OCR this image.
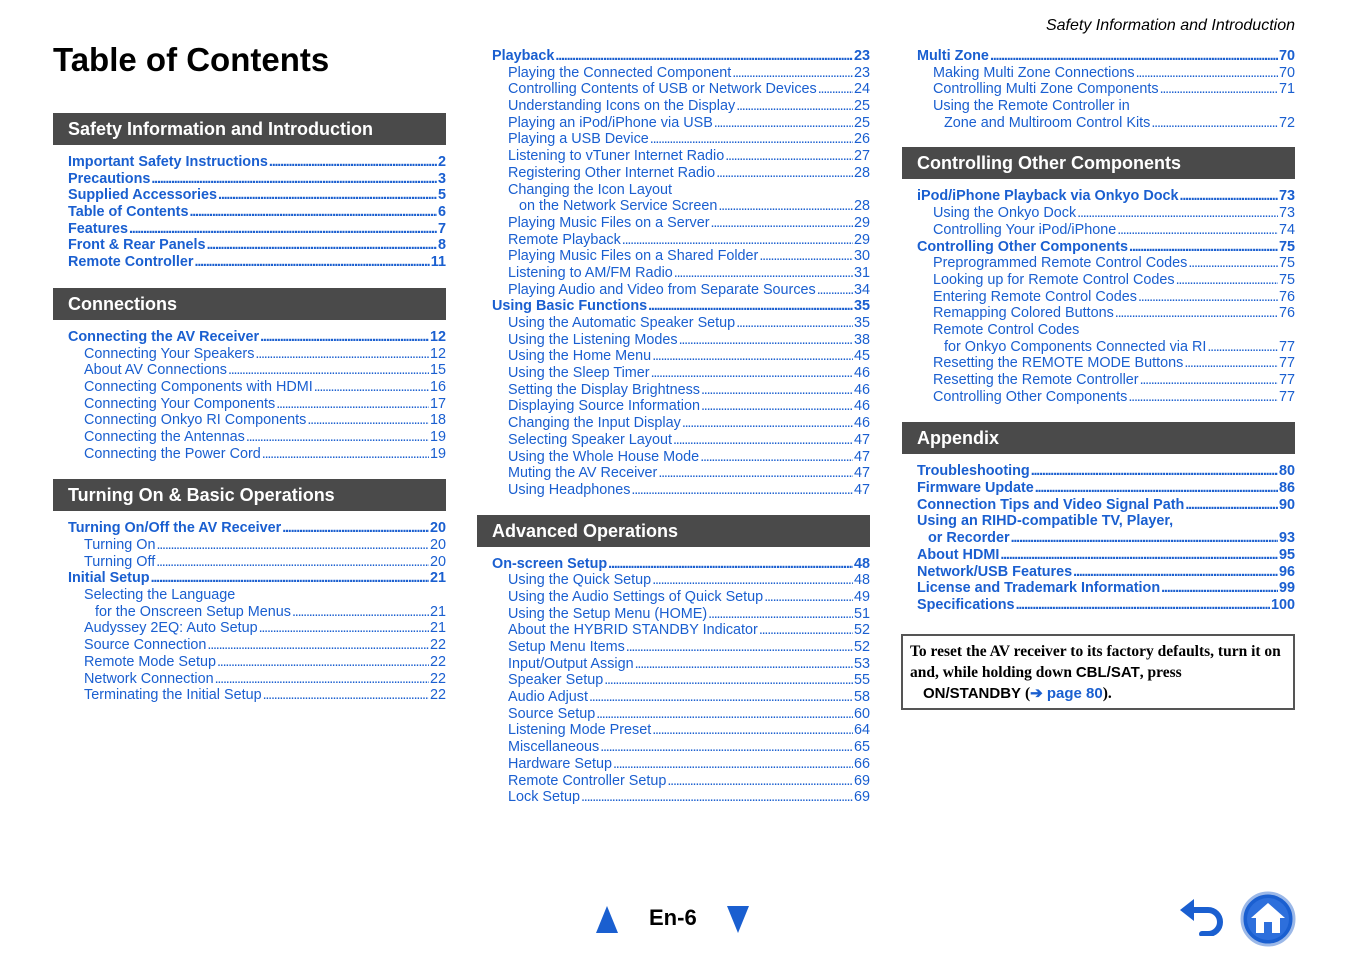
Safety Information and Introduction
Table of Contents
Safety Information and Introduction
Important Safety Instructions . . .	2
Precautions . . .	3
Supplied Accessories . . .	5
Table of Contents . . .	6
Features . . .	7
Front & Rear Panels . . .	8
Remote Controller . . .	11
Connections
Connecting the AV Receiver . . .	12
Connecting Your Speakers . . .	12
About AV Connections . . .	15
Connecting Components with HDMI . . .	16
Connecting Your Components . . .	17
Connecting Onkyo RI Components . . .	18
Connecting the Antennas . . .	19
Connecting the Power Cord . . .	19
Turning On & Basic Operations
Turning On/Off the AV Receiver . . .	20
Turning On . . .	20
Turning Off . . .	20
Initial Setup . . .	21
Selecting the Language
for the Onscreen Setup Menus . . .	21
Audyssey 2EQ: Auto Setup . . .	21
Source Connection . . .	22
Remote Mode Setup . . .	22
Network Connection . . .	22
Terminating the Initial Setup . . .	22
Playback . . .	23
Playing the Connected Component . . .	23
Controlling Contents of USB or Network Devices . . .	24
Understanding Icons on the Display . . .	25
Playing an iPod/iPhone via USB . . .	25
Playing a USB Device . . .	26
Listening to vTuner Internet Radio . . .	27
Registering Other Internet Radio . . .	28
Changing the Icon Layout
on the Network Service Screen . . .	28
Playing Music Files on a Server . . .	29
Remote Playback . . .	29
Playing Music Files on a Shared Folder . . .	30
Listening to AM/FM Radio . . .	31
Playing Audio and Video from Separate Sources . . .	34
Using Basic Functions . . .	35
Using the Automatic Speaker Setup . . .	35
Using the Listening Modes . . .	38
Using the Home Menu . . .	45
Using the Sleep Timer . . .	46
Setting the Display Brightness . . .	46
Displaying Source Information . . .	46
Changing the Input Display . . .	46
Selecting Speaker Layout . . .	47
Using the Whole House Mode . . .	47
Muting the AV Receiver . . .	47
Using Headphones . . .	47
Advanced Operations
On-screen Setup . . .	48
Using the Quick Setup . . .	48
Using the Audio Settings of Quick Setup . . .	49
Using the Setup Menu (HOME) . . .	51
About the HYBRID STANDBY Indicator . . .	52
Setup Menu Items . . .	52
Input/Output Assign . . .	53
Speaker Setup . . .	55
Audio Adjust . . .	58
Source Setup . . .	60
Listening Mode Preset . . .	64
Miscellaneous . . .	65
Hardware Setup . . .	66
Remote Controller Setup . . .	69
Lock Setup . . .	69
Multi Zone . . .	70
Making Multi Zone Connections . . .	70
Controlling Multi Zone Components . . .	71
Using the Remote Controller in
Zone and Multiroom Control Kits . . .	72
Controlling Other Components
iPod/iPhone Playback via Onkyo Dock . . .	73
Using the Onkyo Dock . . .	73
Controlling Your iPod/iPhone . . .	74
Controlling Other Components . . .	75
Preprogrammed Remote Control Codes . . .	75
Looking up for Remote Control Codes . . .	75
Entering Remote Control Codes . . .	76
Remapping Colored Buttons . . .	76
Remote Control Codes
for Onkyo Components Connected via RI . . .	77
Resetting the REMOTE MODE Buttons . . .	77
Resetting the Remote Controller . . .	77
Controlling Other Components . . .	77
Appendix
Troubleshooting . . .	80
Firmware Update . . .	86
Connection Tips and Video Signal Path . . .	90
Using an RIHD-compatible TV, Player,
or Recorder . . .	93
About HDMI . . .	95
Network/USB Features . . .	96
License and Trademark Information . . .	99
Specifications . . .	100
To reset the AV receiver to its factory defaults, turn it on and, while holding down CBL/SAT, press
ON/STANDBY (➔ page 80).
En-6
